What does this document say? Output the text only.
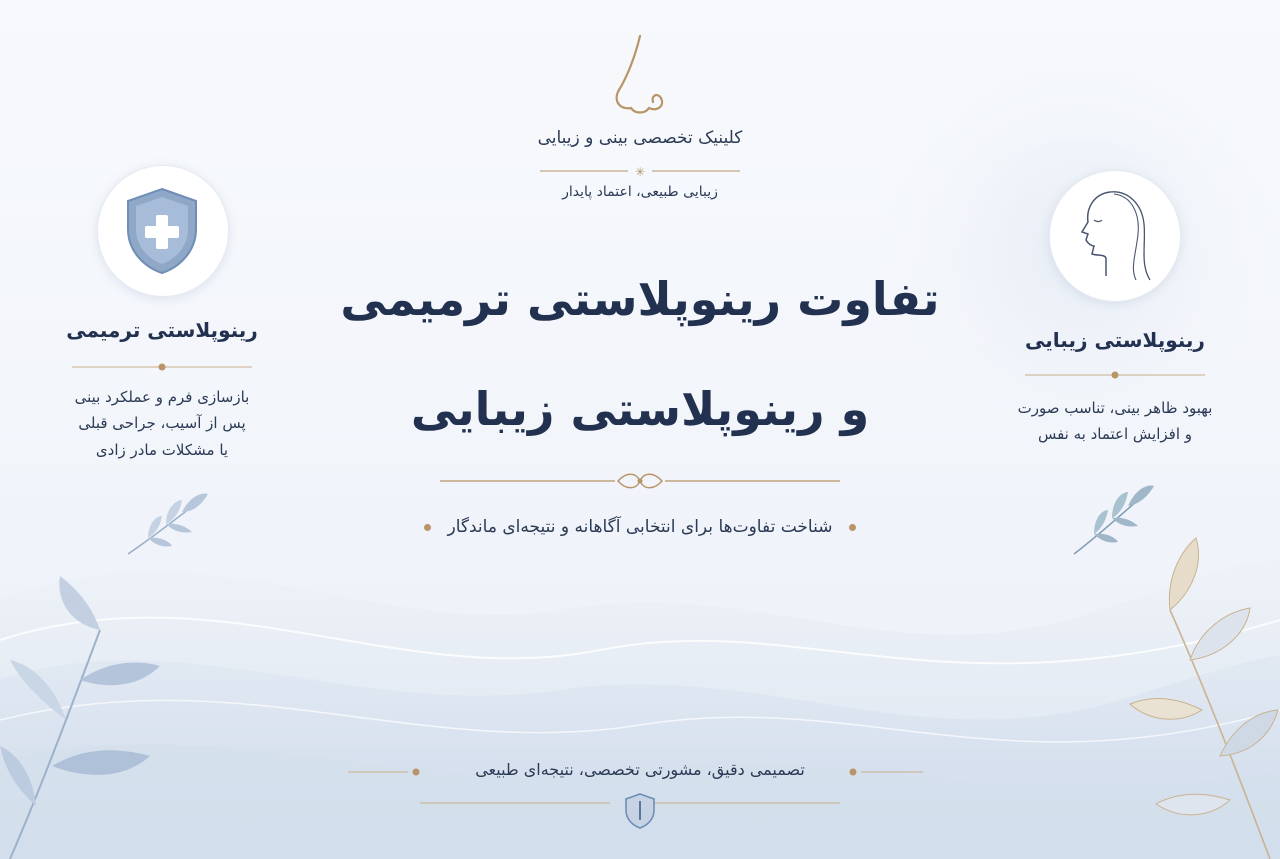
کلینیک تخصصی بینی و زیبایی
✳
زیبایی طبیعی، اعتماد پایدار
تفاوت رینوپلاستی ترمیمی
و رینوپلاستی زیبایی
شناخت تفاوت‌ها برای انتخابی آگاهانه و نتیجه‌ای ماندگار
رینوپلاستی ترمیمی
بازسازی فرم و عملکرد بینی
پس از آسیب، جراحی قبلی
یا مشکلات مادر زادی
رینوپلاستی زیبایی
بهبود ظاهر بینی، تناسب صورت
و افزایش اعتماد به نفس
تصمیمی دقیق، مشورتی تخصصی، نتیجه‌ای طبیعی
